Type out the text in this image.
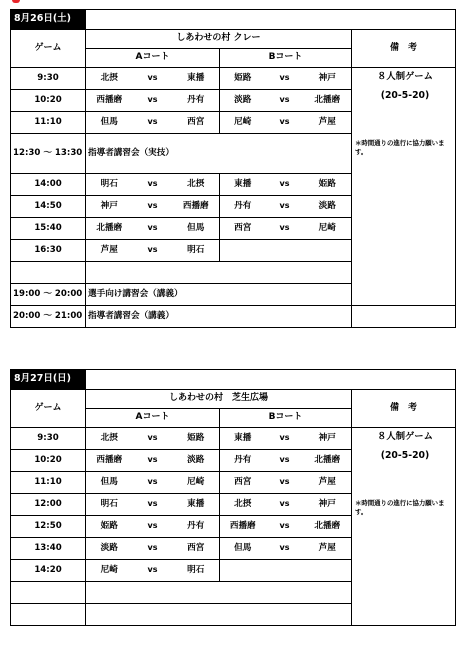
8月26日(土)							
ゲーム	しあわせの村 クレー						備　考
	Aコート			Bコート			
9:30	北摂	vs	東播	姫路	vs	神戸	８人制ゲーム
(20-5-20)
＊時間通りの進行に協力願います。

10:20	西播磨	vs	丹有	淡路	vs	北播磨	
11:10	但馬	vs	西宮	尼崎	vs	芦屋	
12:30 ～ 13:30	指導者講習会（実技）						
14:00	明石	vs	北摂	東播	vs	姫路	
14:50	神戸	vs	西播磨	丹有	vs	淡路	
15:40	北播磨	vs	但馬	西宮	vs	尼崎	
16:30	芦屋	vs	明石				

19:00 ～ 20:00	選手向け講習会（講義）						
20:00 ～ 21:00	指導者講習会（講義）						
8月27日(日)							
ゲーム	しあわせの村　芝生広場						備　考
	Aコート			Bコート			
9:30	北摂	vs	姫路	東播	vs	神戸	８人制ゲーム
(20-5-20)
＊時間通りの進行に協力願います。

10:20	西播磨	vs	淡路	丹有	vs	北播磨	
11:10	但馬	vs	尼崎	西宮	vs	芦屋	
12:00	明石	vs	東播	北摂	vs	神戸	
12:50	姫路	vs	丹有	西播磨	vs	北播磨	
13:40	淡路	vs	西宮	但馬	vs	芦屋	
14:20	尼崎	vs	明石				
